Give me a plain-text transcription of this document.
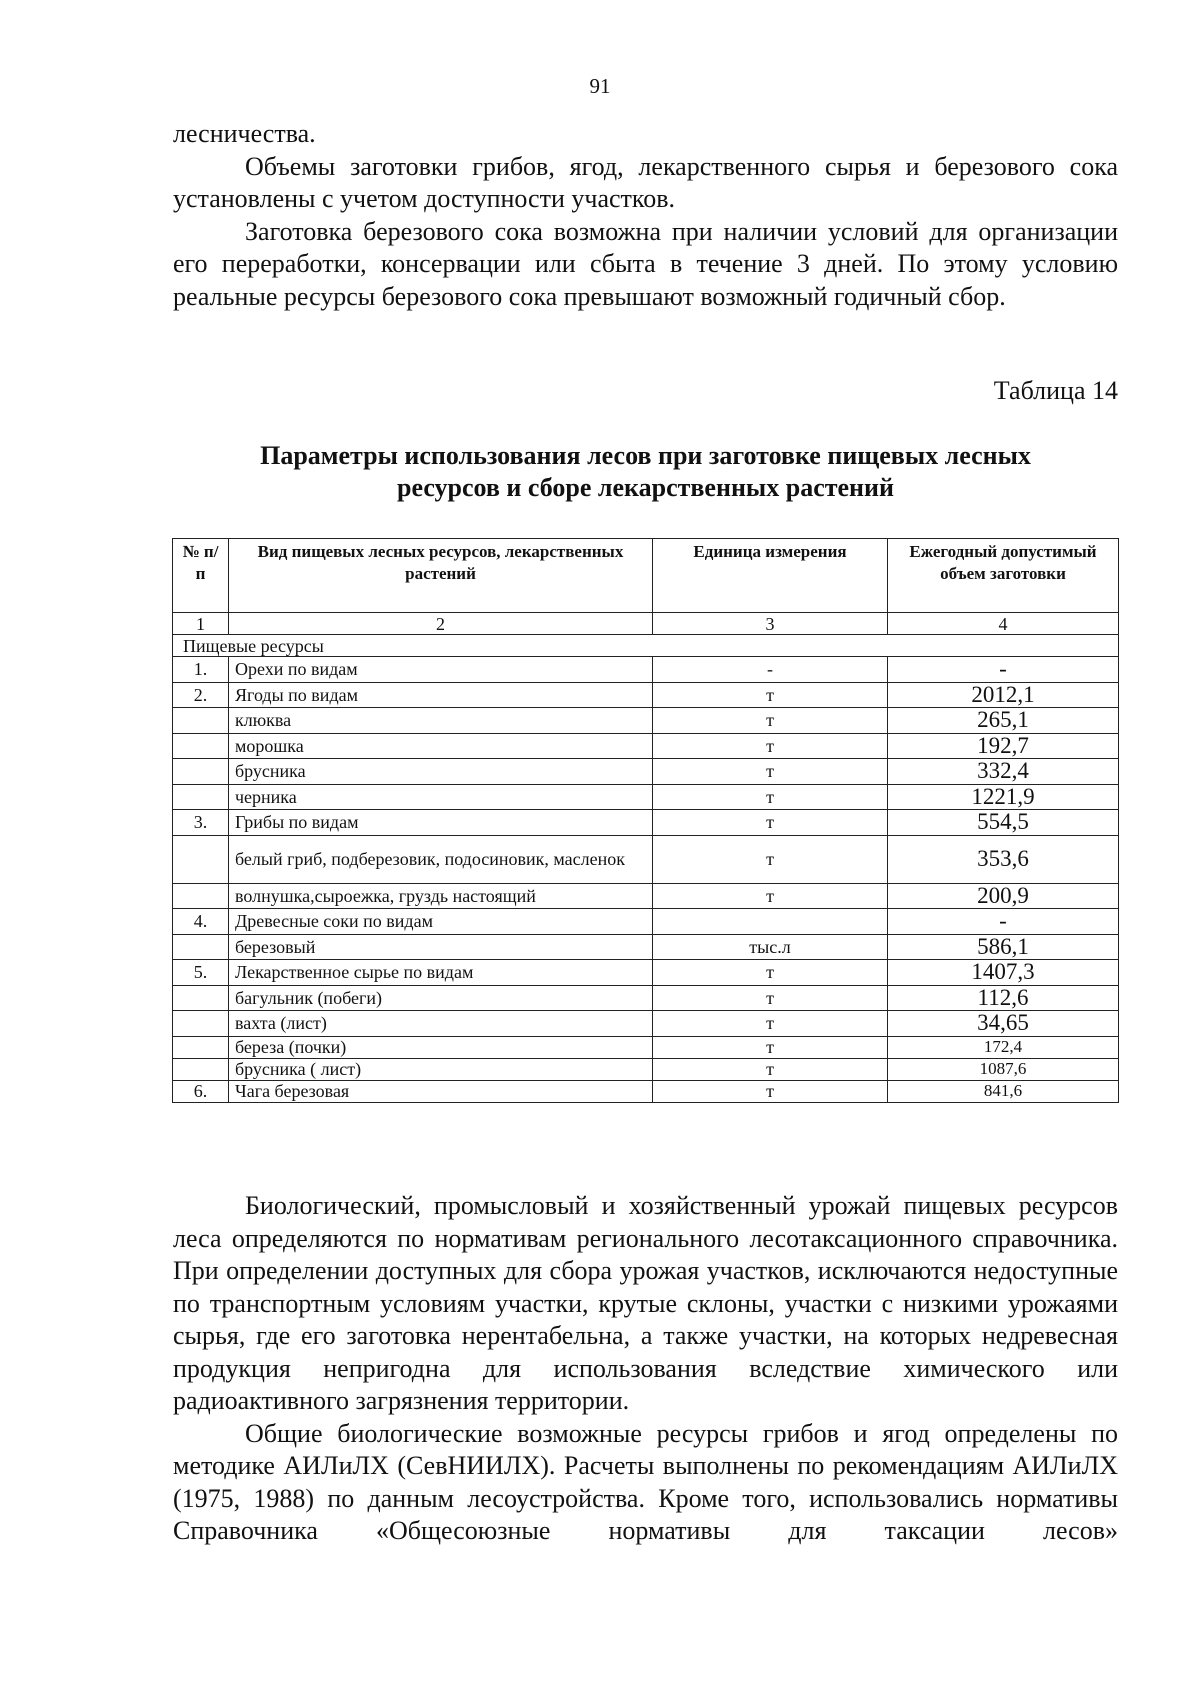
91

лесничества.

Объемы заготовки грибов, ягод, лекарственного сырья и березового сока установлены с учетом доступности участков.

Заготовка березового сока возможна при наличии условий для организации его переработки, консервации или сбыта в течение 3 дней. По этому условию реальные ресурсы березового сока превышают возможный годичный сбор.

Таблица 14
Параметры использования лесов при заготовке пищевых лесных
ресурсов и сборе лекарственных растений
№ п/п	Вид пищевых лесных ресурсов, лекарственных растений	Единица измерения	Ежегодный допустимый объем заготовки
1	2	3	4
Пищевые ресурсы			
1.	Орехи по видам	-	-
2.	Ягоды по видам	т	2012,1
	клюква	т	265,1
	морошка	т	192,7
	брусника	т	332,4
	черника	т	1221,9
3.	Грибы по видам	т	554,5
	белый гриб, подберезовик, подосиновик, масленок	т	353,6
	волнушка,сыроежка, груздь настоящий	т	200,9
4.	Древесные соки по видам		-
	березовый	тыс.л	586,1
5.	Лекарственное сырье по видам	т	1407,3
	багульник (побеги)	т	112,6
	вахта (лист)	т	34,65
	береза (почки)	т	172,4
	брусника ( лист)	т	1087,6
6.	Чага березовая	т	841,6

Биологический, промысловый и хозяйственный урожай пищевых ресурсов леса определяются по нормативам регионального лесотаксационного справочника. При определении доступных для сбора урожая участков, исключаются недоступные по транспортным условиям участки, крутые склоны, участки с низкими урожаями сырья, где его заготовка нерентабельна, а также участки, на которых недревесная продукция непригодна для использования вследствие химического или радиоактивного загрязнения территории.

Общие биологические возможные ресурсы грибов и ягод определены по методике АИЛиЛХ (СевНИИЛХ). Расчеты выполнены по рекомендациям АИЛиЛХ (1975, 1988) по данным лесоустройства. Кроме того, использовались нормативы Справочника «Общесоюзные нормативы для таксации лесов»
